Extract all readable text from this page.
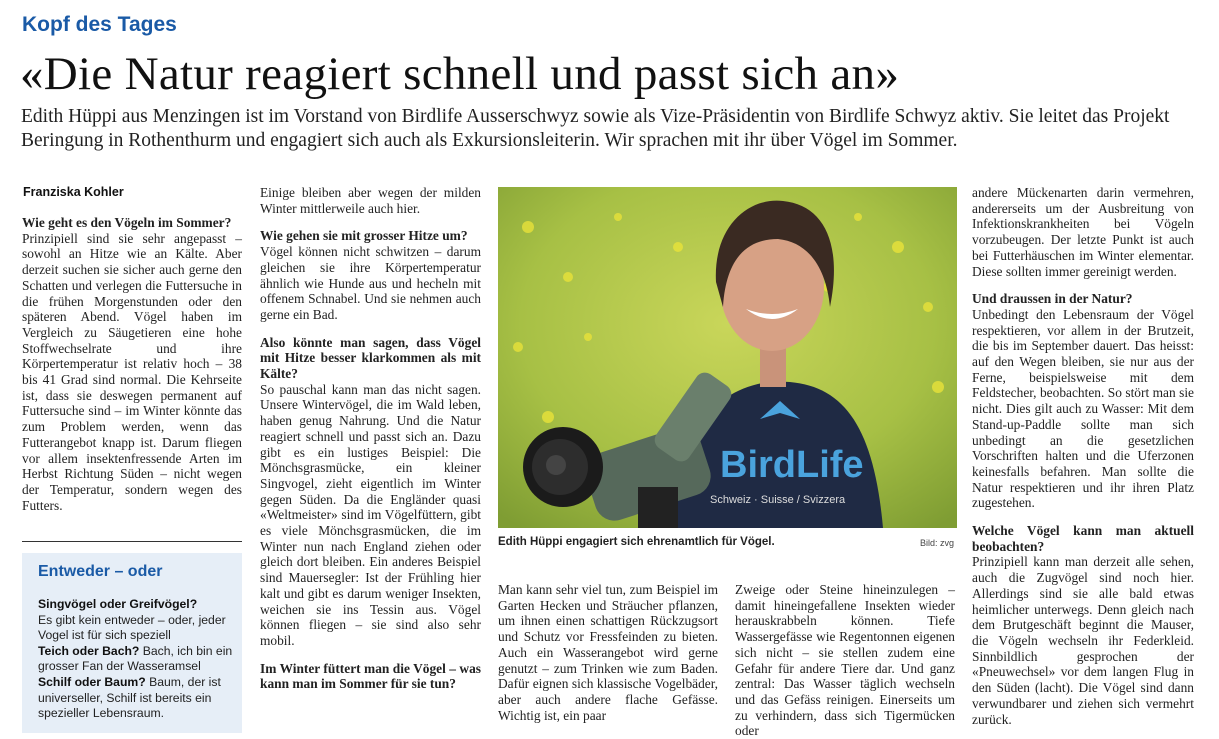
Kopf des Tages
«Die Natur reagiert schnell und passt sich an»
Edith Hüppi aus Menzingen ist im Vorstand von Birdlife Ausserschwyz sowie als Vize-Präsidentin von Birdlife Schwyz aktiv. Sie leitet das Projekt Beringung in Rothenthurm und engagiert sich auch als Exkursionsleiterin. Wir sprachen mit ihr über Vögel im Sommer.
Franziska Kohler

Wie geht es den Vögeln im Sommer?

Prinzipiell sind sie sehr angepasst – sowohl an Hitze wie an Kälte. Aber derzeit suchen sie sicher auch gerne den Schatten und verlegen die Futtersuche in die frühen Morgenstunden oder den späteren Abend. Vögel haben im Vergleich zu Säugetieren eine hohe Stoffwechselrate und ihre Körpertemperatur ist relativ hoch – 38 bis 41 Grad sind normal. Die Kehrseite ist, dass sie deswegen permanent auf Futtersuche sind – im Winter könnte das zum Problem werden, wenn das Futterangebot knapp ist. Darum fliegen vor allem insektenfressende Arten im Herbst Richtung Süden – nicht wegen der Temperatur, sondern wegen des Futters.

Entweder – oder
Singvögel oder Greifvögel?
Es gibt kein entweder – oder, jeder Vogel ist für sich speziell
Teich oder Bach? Bach, ich bin ein grosser Fan der Wasseramsel
Schilf oder Baum? Baum, der ist universeller, Schilf ist bereits ein spezieller Lebensraum.

Einige bleiben aber wegen der milden Winter mittlerweile auch hier.

Wie gehen sie mit grosser Hitze um?

Vögel können nicht schwitzen – darum gleichen sie ihre Körpertemperatur ähnlich wie Hunde aus und hecheln mit offenem Schnabel. Und sie nehmen auch gerne ein Bad.

Also könnte man sagen, dass Vögel mit Hitze besser klarkommen als mit Kälte?

So pauschal kann man das nicht sagen. Unsere Wintervögel, die im Wald leben, haben genug Nahrung. Und die Natur reagiert schnell und passt sich an. Dazu gibt es ein lustiges Beispiel: Die Mönchsgrasmücke, ein kleiner Singvogel, zieht eigentlich im Winter gegen Süden. Da die Engländer quasi «Weltmeister» sind im Vögelfüttern, gibt es viele Mönchsgrasmücken, die im Winter nun nach England ziehen oder gleich dort bleiben. Ein anderes Beispiel sind Mauersegler: Ist der Frühling hier kalt und gibt es darum weniger Insekten, weichen sie ins Tessin aus. Vögel können fliegen – sie sind also sehr mobil.

Im Winter füttert man die Vögel – was kann man im Sommer für sie tun?

BirdLife
Schweiz · Suisse / Svizzera
Edith Hüppi engagiert sich ehrenamtlich für Vögel.	Bild: zvg

Man kann sehr viel tun, zum Beispiel im Garten Hecken und Sträucher pflanzen, um ihnen einen schattigen Rückzugsort und Schutz vor Fressfeinden zu bieten. Auch ein Wasserangebot wird gerne genutzt – zum Trinken wie zum Baden. Dafür eignen sich klassische Vogelbäder, aber auch andere flache Gefässe. Wichtig ist, ein paar

Zweige oder Steine hineinzulegen – damit hineingefallene Insekten wieder herauskrabbeln können. Tiefe Wassergefässe wie Regentonnen eigenen sich nicht – sie stellen zudem eine Gefahr für andere Tiere dar. Und ganz zentral: Das Wasser täglich wechseln und das Gefäss reinigen. Einerseits um zu verhindern, dass sich Tigermücken oder

andere Mückenarten darin vermehren, andererseits um der Ausbreitung von Infektionskrankheiten bei Vögeln vorzubeugen. Der letzte Punkt ist auch bei Futterhäuschen im Winter elementar. Diese sollten immer gereinigt werden.

Und draussen in der Natur?

Unbedingt den Lebensraum der Vögel respektieren, vor allem in der Brutzeit, die bis im September dauert. Das heisst: auf den Wegen bleiben, sie nur aus der Ferne, beispielsweise mit dem Feldstecher, beobachten. So stört man sie nicht. Dies gilt auch zu Wasser: Mit dem Stand-up-Paddle sollte man sich unbedingt an die gesetzlichen Vorschriften halten und die Uferzonen keinesfalls befahren. Man sollte die Natur respektieren und ihr ihren Platz zugestehen.

Welche Vögel kann man aktuell beobachten?

Prinzipiell kann man derzeit alle sehen, auch die Zugvögel sind noch hier. Allerdings sind sie alle bald etwas heimlicher unterwegs. Denn gleich nach dem Brutgeschäft beginnt die Mauser, die Vögeln wechseln ihr Federkleid. Sinnbildlich gesprochen der «Pneuwechsel» vor dem langen Flug in den Süden (lacht). Die Vögel sind dann verwundbarer und ziehen sich vermehrt zurück.
